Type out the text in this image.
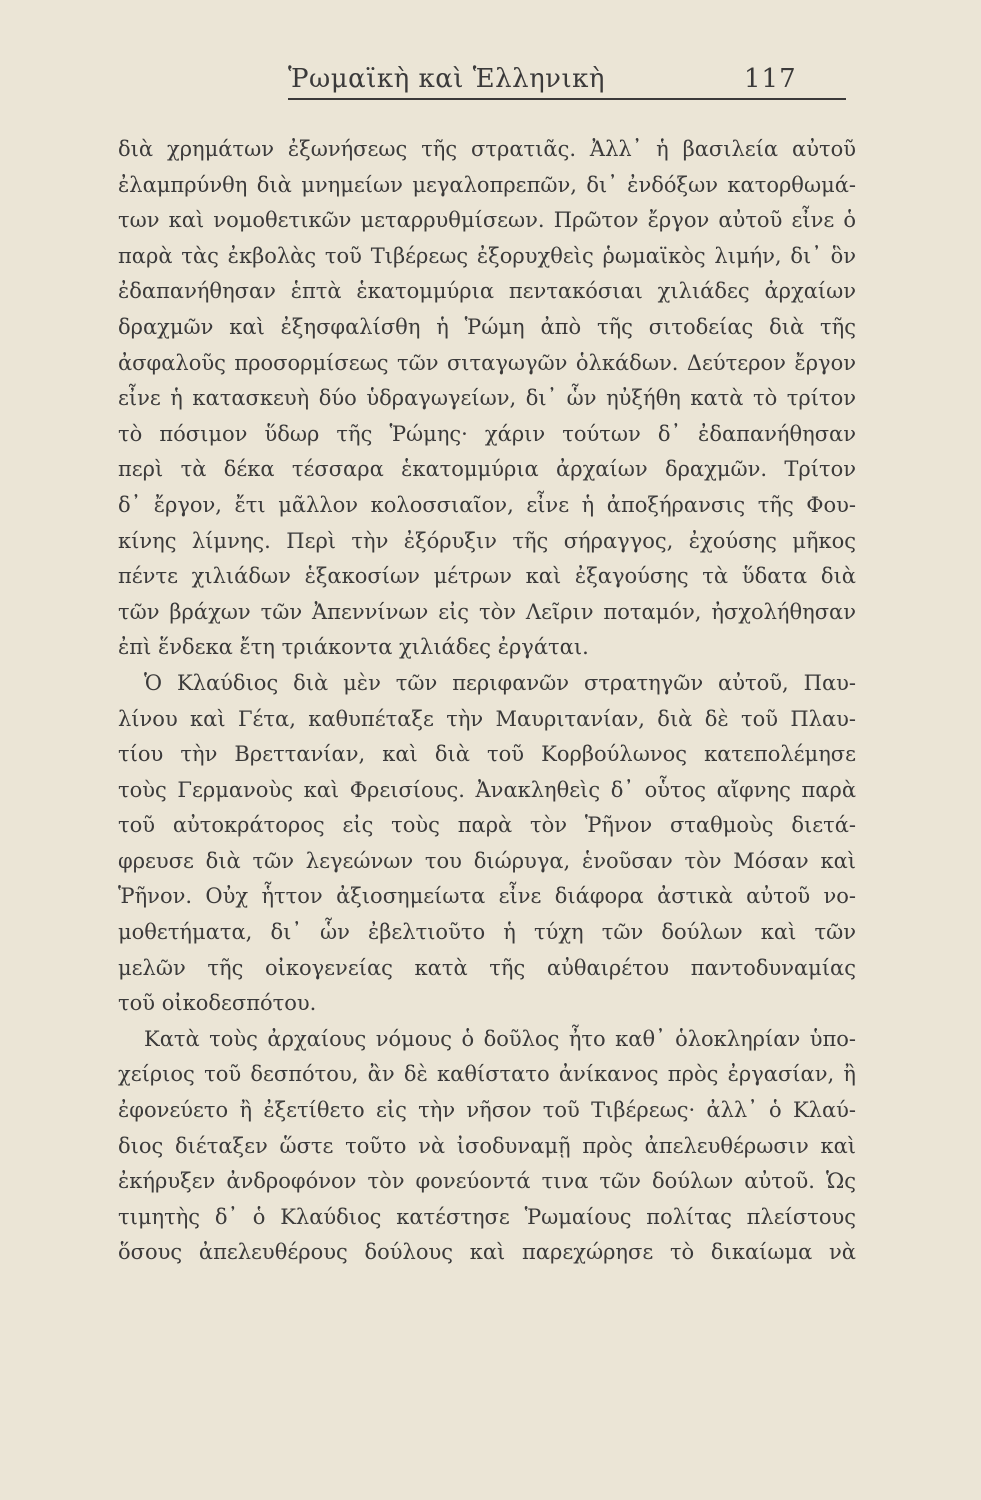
Ῥωμαϊκὴ καὶ Ἑλληνικὴ	117
διὰ χρημάτων ἐξωνήσεως τῆς στρατιᾶς. Ἀλλ᾽ ἡ βασιλεία αὐτοῦ
ἐλαμπρύνθη διὰ μνημείων μεγαλοπρεπῶν, δι᾽ ἐνδόξων κατορθωμά-
των καὶ νομοθετικῶν μεταρρυθμίσεων. Πρῶτον ἔργον αὐτοῦ εἶνε ὁ
παρὰ τὰς ἐκβολὰς τοῦ Τιβέρεως ἐξορυχθεὶς ῥωμαϊκὸς λιμήν, δι᾽ ὃν
ἐδαπανήθησαν ἑπτὰ ἑκατομμύρια πεντακόσιαι χιλιάδες ἀρχαίων
δραχμῶν καὶ ἐξησφαλίσθη ἡ Ῥώμη ἀπὸ τῆς σιτοδείας διὰ τῆς
ἀσφαλοῦς προσορμίσεως τῶν σιταγωγῶν ὁλκάδων. Δεύτερον ἔργον
εἶνε ἡ κατασκευὴ δύο ὑδραγωγείων, δι᾽ ὧν ηὐξήθη κατὰ τὸ τρίτον
τὸ πόσιμον ὕδωρ τῆς Ῥώμης· χάριν τούτων δ᾽ ἐδαπανήθησαν
περὶ τὰ δέκα τέσσαρα ἑκατομμύρια ἀρχαίων δραχμῶν. Τρίτον
δ᾽ ἔργον, ἔτι μᾶλλον κολοσσιαῖον, εἶνε ἡ ἀποξήρανσις τῆς Φου-
κίνης λίμνης. Περὶ τὴν ἐξόρυξιν τῆς σήραγγος, ἐχούσης μῆκος
πέντε χιλιάδων ἑξακοσίων μέτρων καὶ ἐξαγούσης τὰ ὕδατα διὰ
τῶν βράχων τῶν Ἀπεννίνων εἰς τὸν Λεῖριν ποταμόν, ἠσχολήθησαν
ἐπὶ ἕνδεκα ἔτη τριάκοντα χιλιάδες ἐργάται.
Ὁ Κλαύδιος διὰ μὲν τῶν περιφανῶν στρατηγῶν αὐτοῦ, Παυ-
λίνου καὶ Γέτα, καθυπέταξε τὴν Μαυριτανίαν, διὰ δὲ τοῦ Πλαυ-
τίου τὴν Βρεττανίαν, καὶ διὰ τοῦ Κορβούλωνος κατεπολέμησε
τοὺς Γερμανοὺς καὶ Φρεισίους. Ἀνακληθεὶς δ᾽ οὗτος αἴφνης παρὰ
τοῦ αὐτοκράτορος εἰς τοὺς παρὰ τὸν Ῥῆνον σταθμοὺς διετά-
φρευσε διὰ τῶν λεγεώνων του διώρυγα, ἑνοῦσαν τὸν Μόσαν καὶ
Ῥῆνον. Οὐχ ἧττον ἀξιοσημείωτα εἶνε διάφορα ἀστικὰ αὐτοῦ νο-
μοθετήματα, δι᾽ ὧν ἐβελτιοῦτο ἡ τύχη τῶν δούλων καὶ τῶν
μελῶν τῆς οἰκογενείας κατὰ τῆς αὐθαιρέτου παντοδυναμίας
τοῦ οἰκοδεσπότου.
Κατὰ τοὺς ἀρχαίους νόμους ὁ δοῦλος ἦτο καθ᾽ ὁλοκληρίαν ὑπο-
χείριος τοῦ δεσπότου, ἂν δὲ καθίστατο ἀνίκανος πρὸς ἐργασίαν, ἢ
ἐφονεύετο ἢ ἐξετίθετο εἰς τὴν νῆσον τοῦ Τιβέρεως· ἀλλ᾽ ὁ Κλαύ-
διος διέταξεν ὥστε τοῦτο νὰ ἰσοδυναμῇ πρὸς ἀπελευθέρωσιν καὶ
ἐκήρυξεν ἀνδροφόνον τὸν φονεύοντά τινα τῶν δούλων αὐτοῦ. Ὡς
τιμητὴς δ᾽ ὁ Κλαύδιος κατέστησε Ῥωμαίους πολίτας πλείστους
ὅσους ἀπελευθέρους δούλους καὶ παρεχώρησε τὸ δικαίωμα νὰ
